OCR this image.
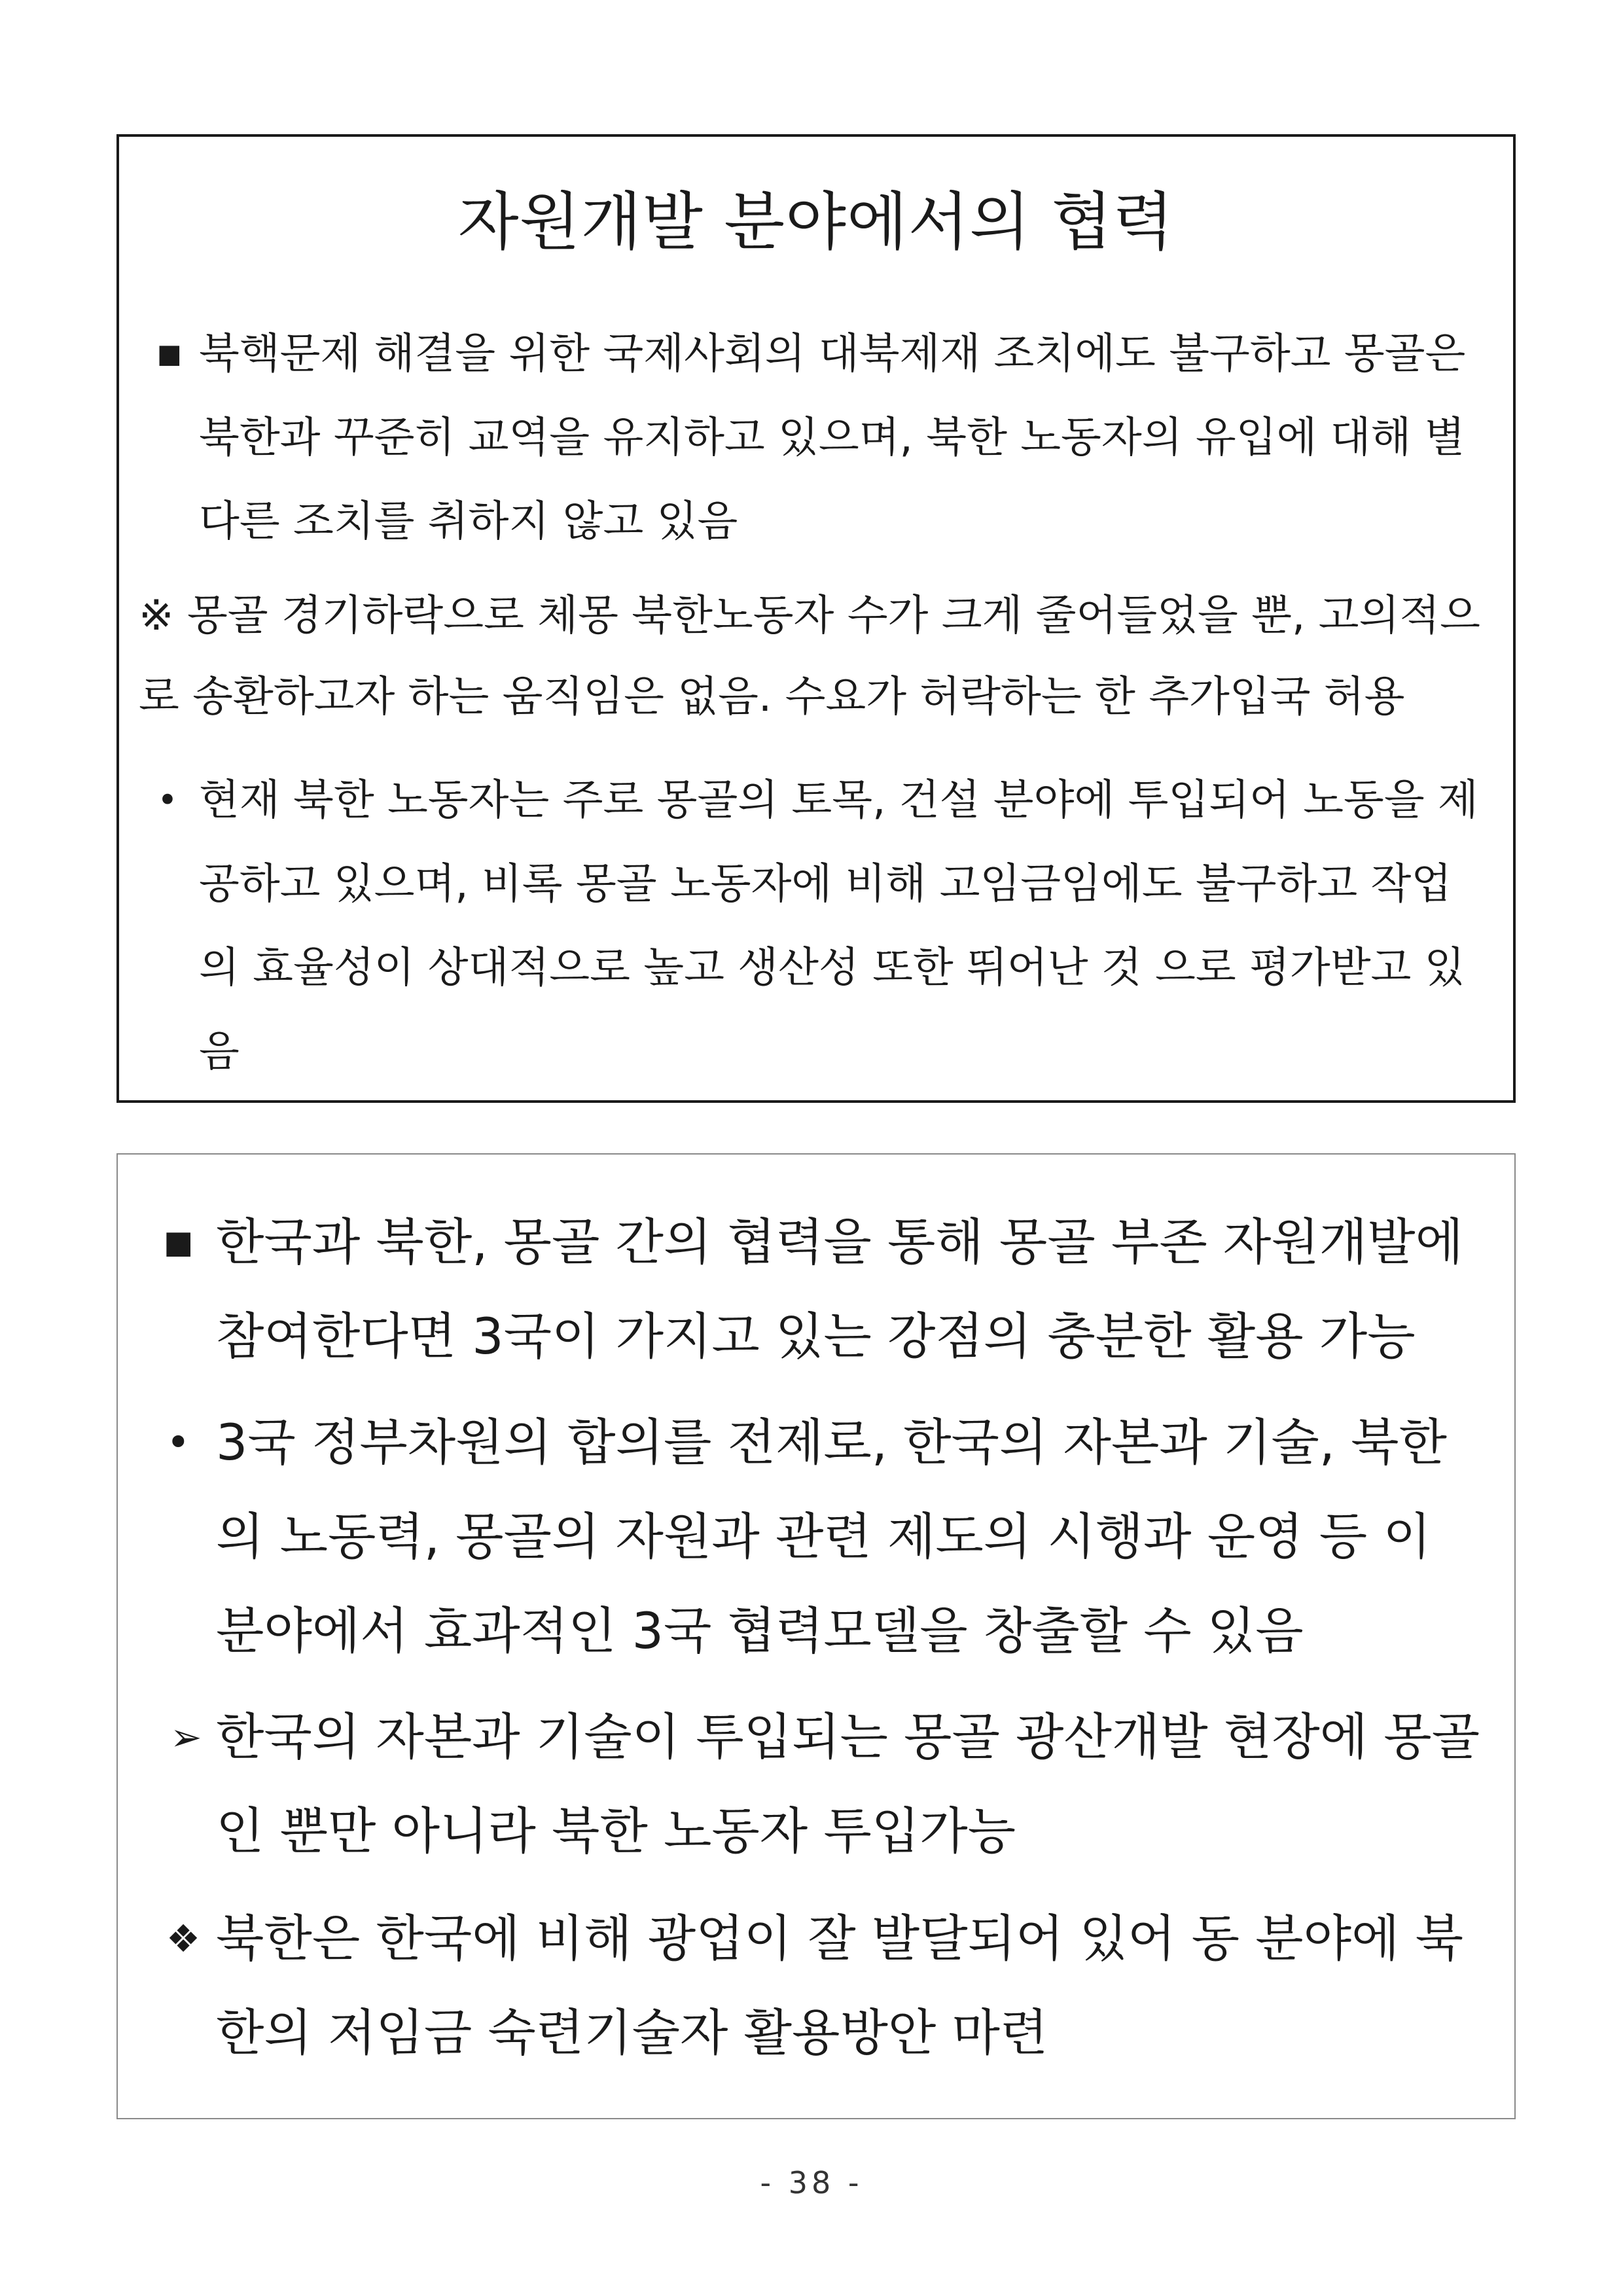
자원개발 분야에서의 협력
■ 북핵문제 해결을 위한 국제사회의 대북제재 조치에도 불구하고 몽골은 북한과 꾸준히 교역을 유지하고 있으며, 북한 노동자의 유입에 대해 별다른 조치를 취하지 않고 있음
※ 몽골 경기하락으로 체몽 북한노동자 수가 크게 줄어들었을 뿐, 고의적으로 송환하고자 하는 움직임은 없음. 수요가 허락하는 한 추가입국 허용
• 현재 북한 노동자는 주로 몽골의 토목, 건설 분야에 투입되어 노동을 제공하고 있으며, 비록 몽골 노동자에 비해 고임금임에도 불구하고 작업의 효율성이 상대적으로 높고 생산성 또한 뛰어난 것 으로 평가받고 있음
■ 한국과 북한, 몽골 간의 협력을 통해 몽골 부존 자원개발에 참여한다면 3국이 가지고 있는 강점의 충분한 활용 가능
• 3국 정부차원의 합의를 전제로, 한국의 자본과 기술, 북한의 노동력, 몽골의 자원과 관련 제도의 시행과 운영 등 이 분야에서 효과적인 3국 협력모델을 창출할 수 있음
➢ 한국의 자본과 기술이 투입되는 몽골 광산개발 현장에 몽골인 뿐만 아니라 북한 노동자 투입가능
❖ 북한은 한국에 비해 광업이 잘 발달되어 있어 동 분야에 북한의 저임금 숙련기술자 활용방안 마련
- 38 -
